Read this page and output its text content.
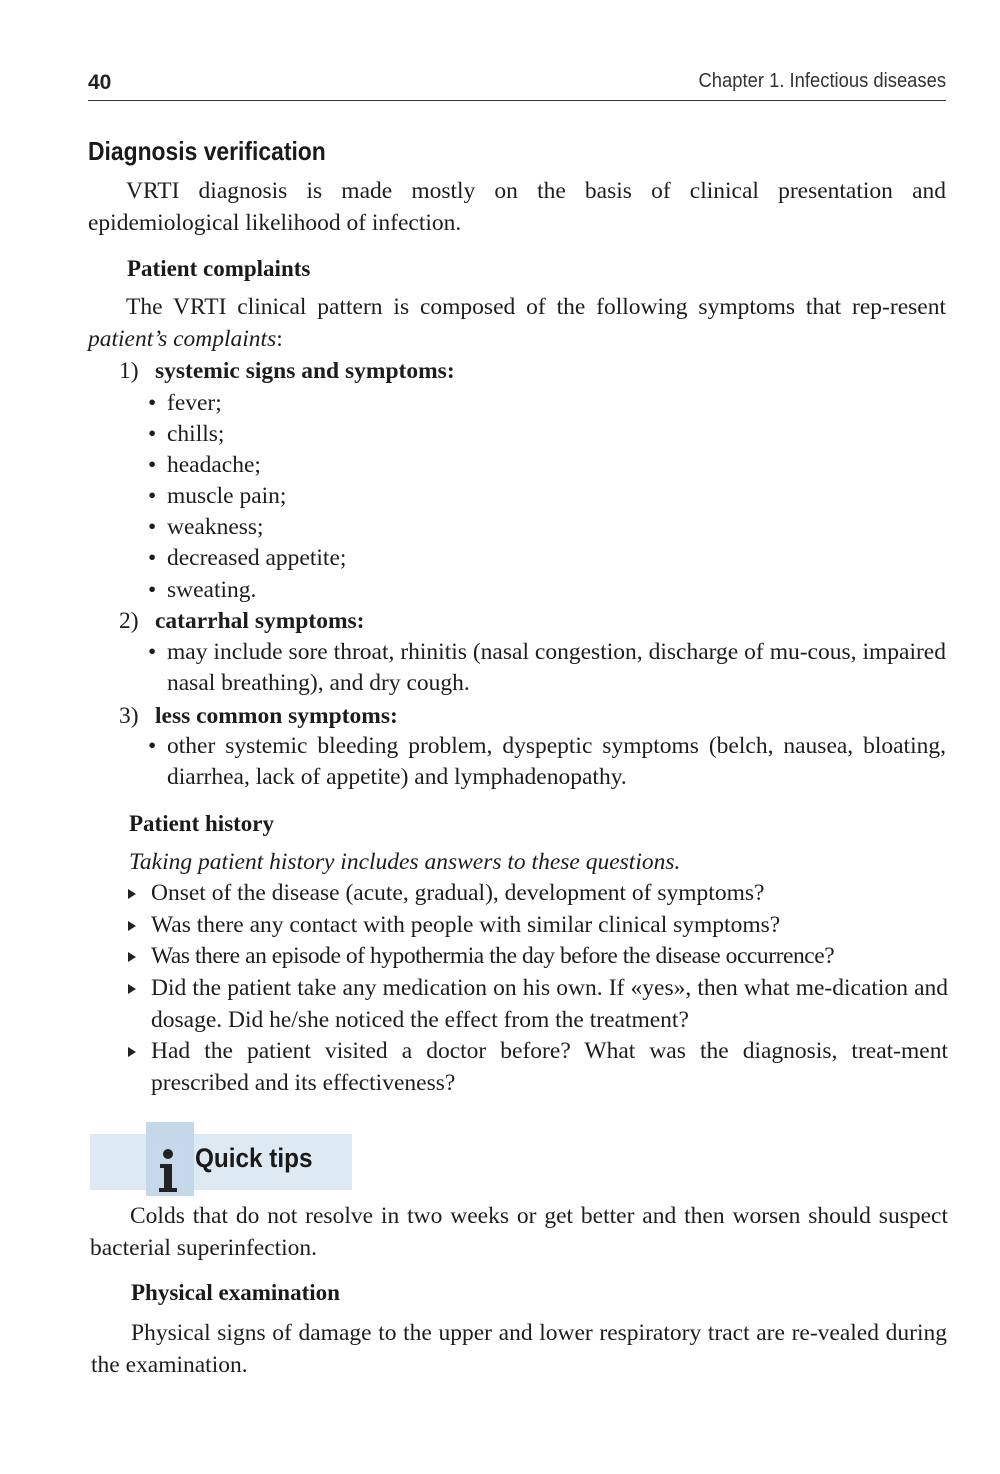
40	Chapter 1. Infectious diseases
Diagnosis verification
VRTI diagnosis is made mostly on the basis of clinical presentation and epidemiological likelihood of infection.
Patient complaints
The VRTI clinical pattern is composed of the following symptoms that rep-resent patient’s complaints:
1) systemic signs and symptoms:
• fever;
• chills;
• headache;
• muscle pain;
• weakness;
• decreased appetite;
• sweating.
2) catarrhal symptoms:
• may include sore throat, rhinitis (nasal congestion, discharge of mu-cous, impaired nasal breathing), and dry cough.
3) less common symptoms:
• other systemic bleeding problem, dyspeptic symptoms (belch, nausea, bloating, diarrhea, lack of appetite) and lymphadenopathy.
Patient history
Taking patient history includes answers to these questions.
Onset of the disease (acute, gradual), development of symptoms?
Was there any contact with people with similar clinical symptoms?
Was there an episode of hypothermia the day before the disease occurrence?
Did the patient take any medication on his own. If «yes», then what me-dication and dosage. Did he/she noticed the effect from the treatment?
Had the patient visited a doctor before? What was the diagnosis, treat-ment prescribed and its effectiveness?
Quick tips
Colds that do not resolve in two weeks or get better and then worsen should suspect bacterial superinfection.
Physical examination
Physical signs of damage to the upper and lower respiratory tract are re-vealed during the examination.
